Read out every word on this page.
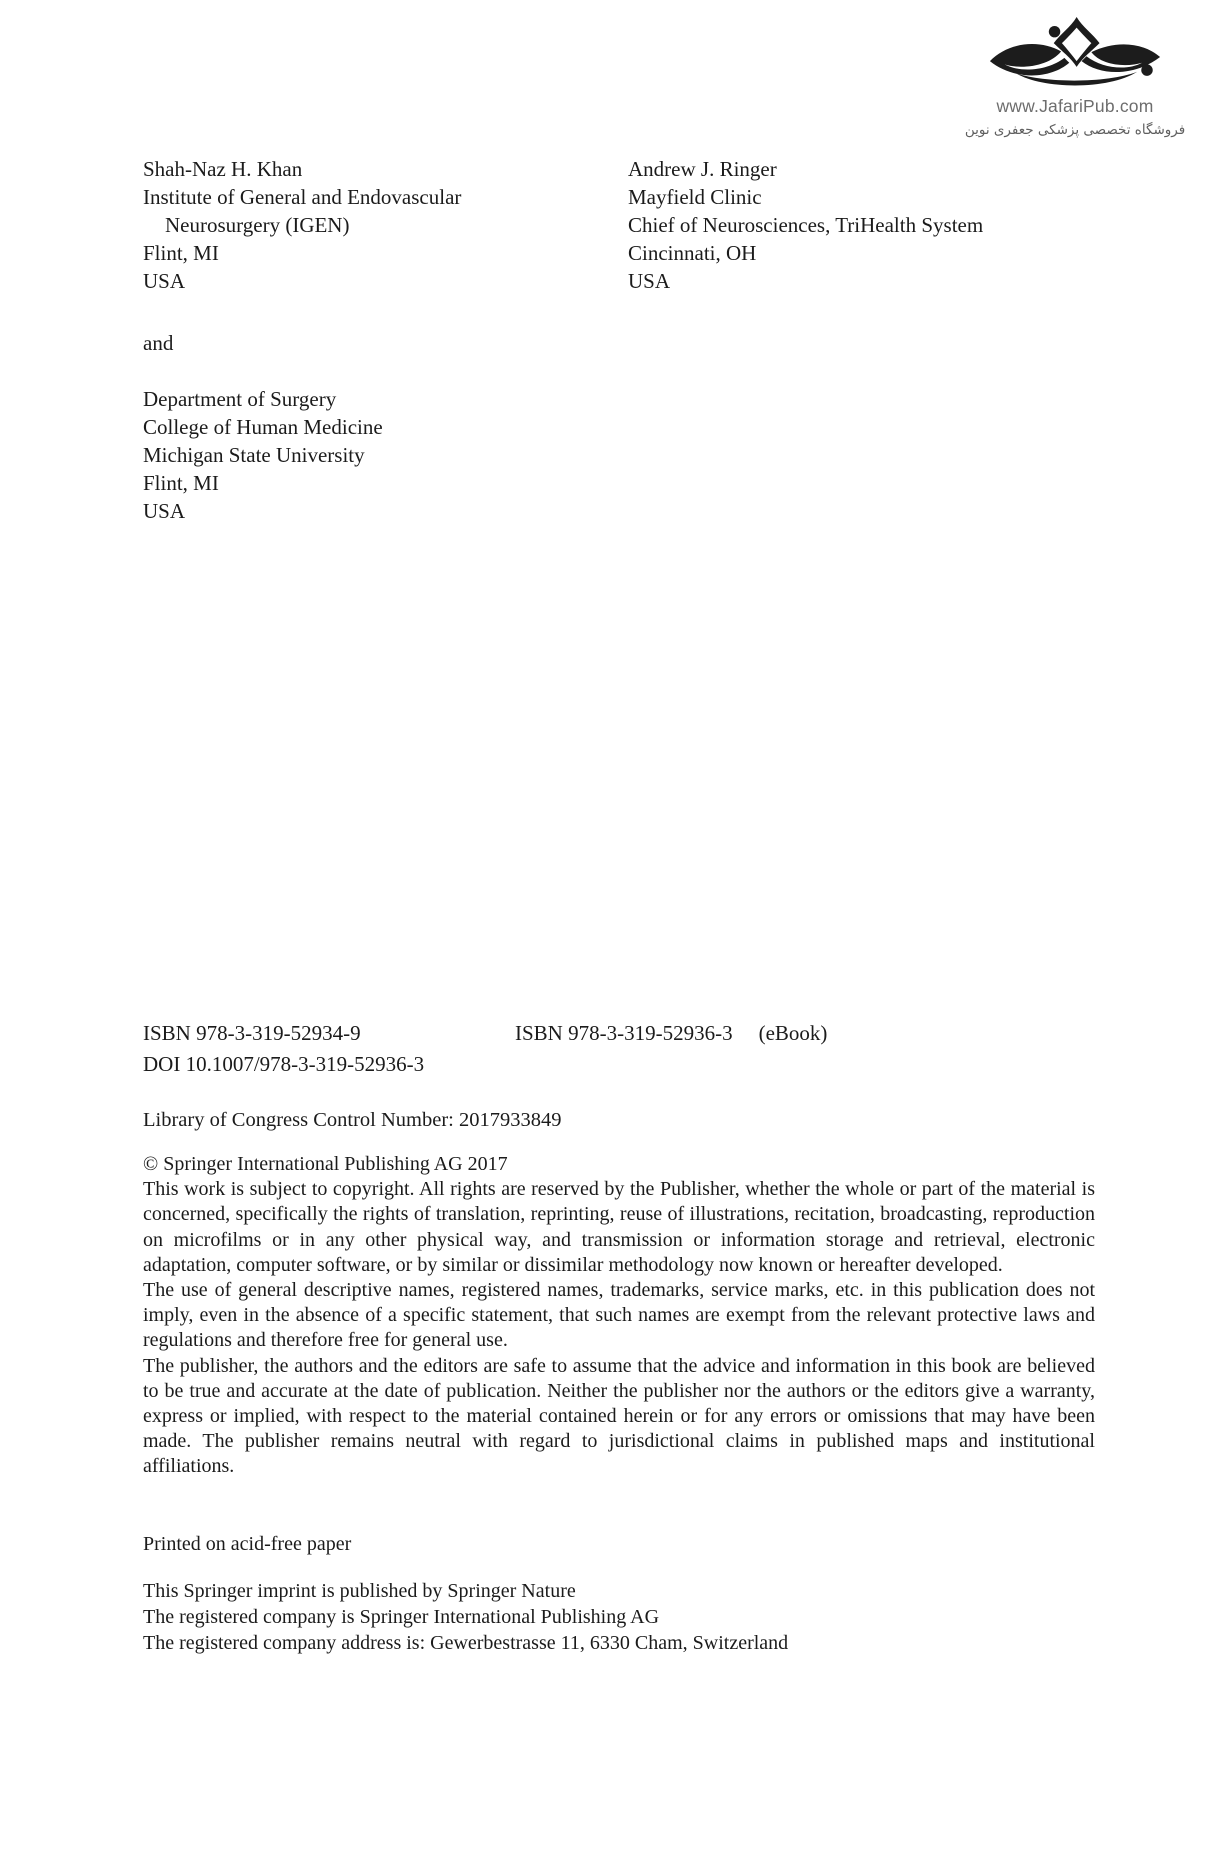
www.JafariPub.com
فروشگاه تخصصی پزشکی جعفری نوین
Shah-Naz H. Khan
Institute of General and Endovascular
Neurosurgery (IGEN)
Flint, MI
USA
Andrew J. Ringer
Mayfield Clinic
Chief of Neurosciences, TriHealth System
Cincinnati, OH
USA
and
Department of Surgery
College of Human Medicine
Michigan State University
Flint, MI
USA
ISBN 978-3-319-52934-9	ISBN 978-3-319-52936-3 (eBook)
DOI 10.1007/978-3-319-52936-3
Library of Congress Control Number: 2017933849

© Springer International Publishing AG 2017

This work is subject to copyright. All rights are reserved by the Publisher, whether the whole or part of the material is concerned, specifically the rights of translation, reprinting, reuse of illustrations, recitation, broadcasting, reproduction on microfilms or in any other physical way, and transmission or information storage and retrieval, electronic adaptation, computer software, or by similar or dissimilar methodology now known or hereafter developed.

The use of general descriptive names, registered names, trademarks, service marks, etc. in this publication does not imply, even in the absence of a specific statement, that such names are exempt from the relevant protective laws and regulations and therefore free for general use.

The publisher, the authors and the editors are safe to assume that the advice and information in this book are believed to be true and accurate at the date of publication. Neither the publisher nor the authors or the editors give a warranty, express or implied, with respect to the material contained herein or for any errors or omissions that may have been made. The publisher remains neutral with regard to jurisdictional claims in published maps and institutional affiliations.

Printed on acid-free paper
This Springer imprint is published by Springer Nature
The registered company is Springer International Publishing AG
The registered company address is: Gewerbestrasse 11, 6330 Cham, Switzerland
